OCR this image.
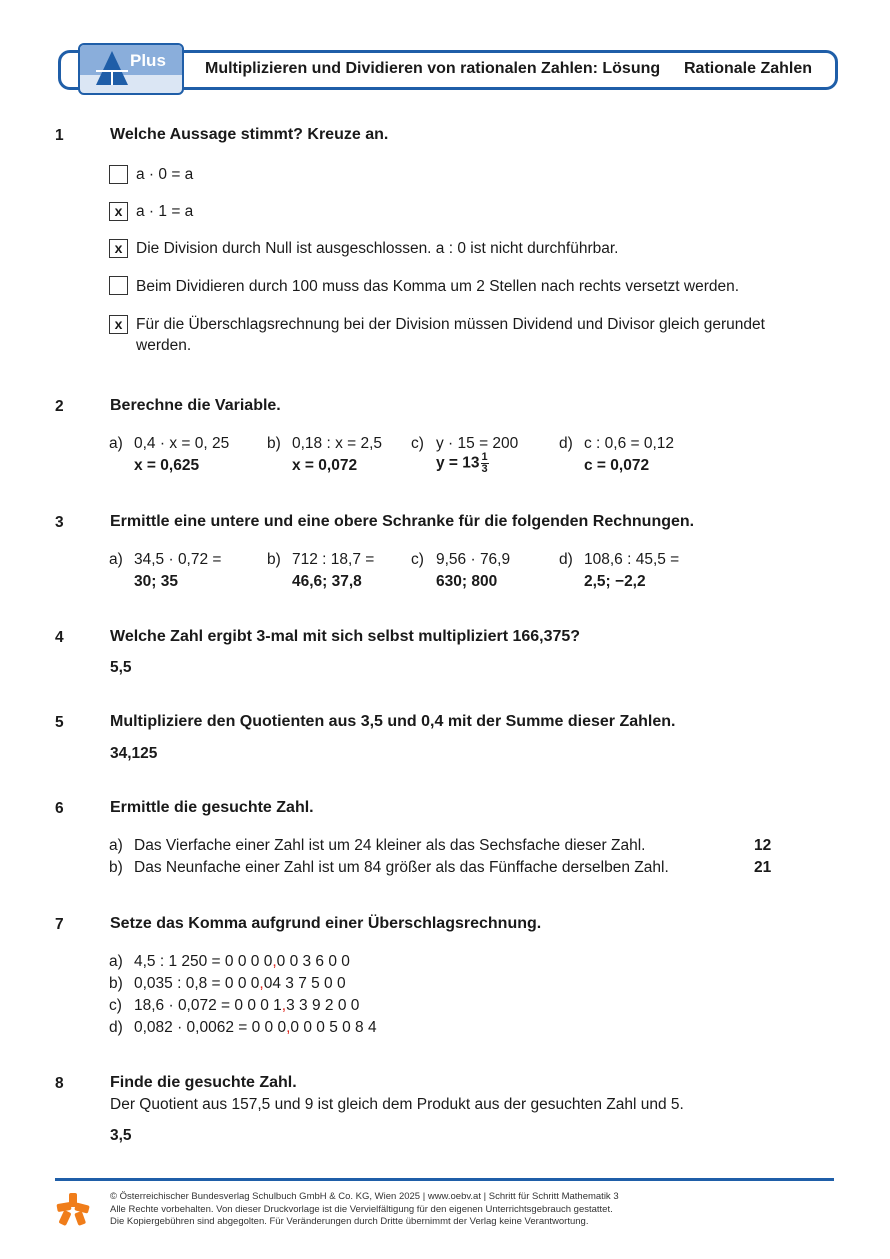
Plus Multiplizieren und Dividieren von rationalen Zahlen: Lösung Rationale Zahlen
1	Welche Aussage stimmt? Kreuze an.
a · 0 = a
x a · 1 = a
x Die Division durch Null ist ausgeschlossen. a : 0 ist nicht durchführbar.
Beim Dividieren durch 100 muss das Komma um 2 Stellen nach rechts versetzt werden.
x Für die Überschlagsrechnung bei der Division müssen Dividend und Divisor gleich gerundet
werden.
2	Berechne die Variable.
a) 0,4 · x = 0, 25
x = 0,625
b) 0,18 : x = 2,5
x = 0,072
c) y · 15 = 200
$y = 13 \frac{1}{3}$
d) c : 0,6 = 0,12
c = 0,072
3	Ermittle eine untere und eine obere Schranke für die folgenden Rechnungen.
a) 34,5 · 0,72 =
30; 35
b) 712 : 18,7 =
46,6; 37,8
c) 9,56 · 76,9
630; 800
d) 108,6 : 45,5 =
2,5; −2,2
4	Welche Zahl ergibt 3-mal mit sich selbst multipliziert 166,375?
5,5
5	Multipliziere den Quotienten aus 3,5 und 0,4 mit der Summe dieser Zahlen.
34,125
6	Ermittle die gesuchte Zahl.
a) Das Vierfache einer Zahl ist um 24 kleiner als das Sechsfache dieser Zahl.	12
b) Das Neunfache einer Zahl ist um 84 größer als das Fünffache derselben Zahl.	21
7	Setze das Komma aufgrund einer Überschlagsrechnung.
a) 4,5 : 1 250 = 0 0 0 0,0 0 3 6 0 0
b) 0,035 : 0,8 = 0 0 0,04 3 7 5 0 0
c) 18,6 · 0,072 = 0 0 0 1,3 3 9 2 0 0
d) 0,082 · 0,0062 = 0 0 0,0 0 0 5 0 8 4
8	Finde die gesuchte Zahl.
Der Quotient aus 157,5 und 9 ist gleich dem Produkt aus der gesuchten Zahl und 5.
3,5
© Österreichischer Bundesverlag Schulbuch GmbH & Co. KG, Wien 2025 | www.oebv.at | Schritt für Schritt Mathematik 3
Alle Rechte vorbehalten. Von dieser Druckvorlage ist die Vervielfältigung für den eigenen Unterrichtsgebrauch gestattet.
Die Kopiergebühren sind abgegolten. Für Veränderungen durch Dritte übernimmt der Verlag keine Verantwortung.
